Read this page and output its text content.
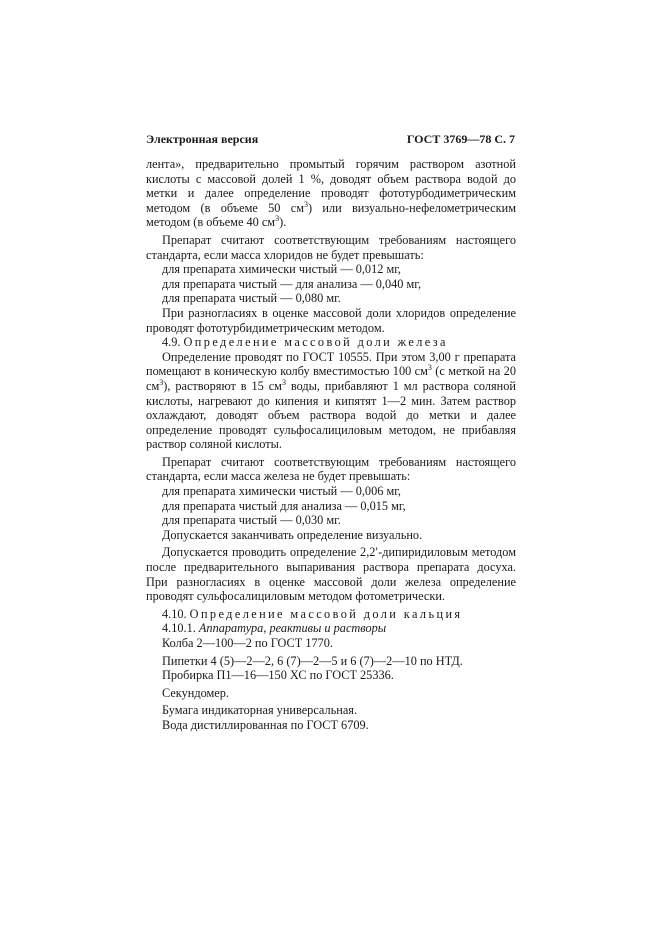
Электронная версия	ГОСТ 3769—78 С. 7

лента», предварительно промытый горячим раствором азотной кислоты с массовой долей 1 %, доводят объем раствора водой до метки и далее определение проводят фототурбодиметрическим методом (в объеме 50 $см^3$) или визуально-нефелометрическим методом (в объеме 40 $см^3$).

Препарат считают соответствующим требованиям настоящего стандарта, если масса хлоридов не будет превышать:

для препарата химически чистый — 0,012 мг,

для препарата чистый — для анализа — 0,040 мг,

для препарата чистый — 0,080 мг.

При разногласиях в оценке массовой доли хлоридов определение проводят фототурбидиметрическим методом.

4.9. Определение массовой доли железа

Определение проводят по ГОСТ 10555. При этом 3,00 г препарата помещают в коническую колбу вместимостью 100 $см^3$ (с меткой на 20 $см^3$), растворяют в 15 $см^3$ воды, прибавляют 1 мл раствора соляной кислоты, нагревают до кипения и кипятят 1—2 мин. Затем раствор охлаждают, доводят объем раствора водой до метки и далее определение проводят сульфосалициловым методом, не прибавляя раствор соляной кислоты.

Препарат считают соответствующим требованиям настоящего стандарта, если масса железа не будет превышать:

для препарата химически чистый — 0,006 мг,

для препарата чистый для анализа — 0,015 мг,

для препарата чистый — 0,030 мг.

Допускается заканчивать определение визуально.

Допускается проводить определение 2,2′-дипиридиловым методом после предварительного выпаривания раствора препарата досуха. При разногласиях в оценке массовой доли железа определение проводят сульфосалициловым методом фотометрически.

4.10. Определение массовой доли кальция

4.10.1. Аппаратура, реактивы и растворы

Колба 2—100—2 по ГОСТ 1770.

Пипетки 4 (5)—2—2, 6 (7)—2—5 и 6 (7)—2—10 по НТД.

Пробирка П1—16—150 ХС по ГОСТ 25336.

Секундомер.

Бумага индикаторная универсальная.

Вода дистиллированная по ГОСТ 6709.
